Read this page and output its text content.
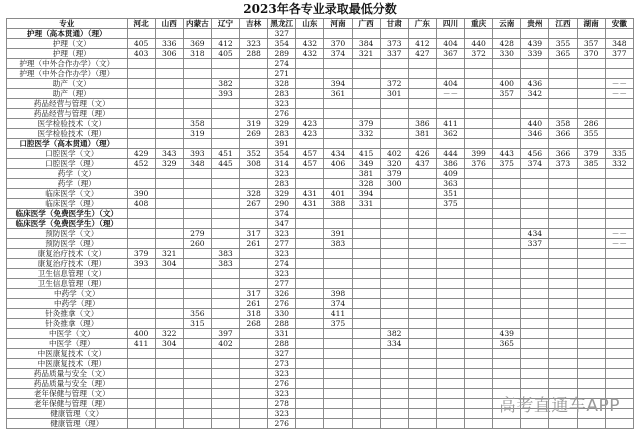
2023年各专业录取最低分数
专业	河北	山西	内蒙古	辽宁	吉林	黑龙江	山东	河南	广西	甘肃	广东	四川	重庆	云南	贵州	江西	湖南	安徽
护理（高本贯通）（理）						327												
护理（文）	405	336	369	412	323	354	432	370	384	373	412	404	440	428	439	355	357	348
护理（理）	403	306	318	405	288	289	432	374	321	337	427	367	372	330	339	365	370	377
护理（中外合作办学）（文）						274												
护理（中外合作办学）（理）						271												
助产（文）				382		328		394		372		404		400	436			－－
助产（理）				393		283		361		301		－－		357	342			－－
药品经营与管理（文）						323												
药品经营与管理（理）						276												
医学检验技术（文）			358		319	329	423		379		386	411			440	358	286	
医学检验技术（理）			319		269	283	423		332		381	362			346	366	355	
口腔医学（高本贯通）（理）						391												
口腔医学（文）	429	343	393	451	352	354	457	434	415	402	426	444	399	443	456	366	379	335
口腔医学（理）	452	329	348	445	308	314	457	406	349	320	437	386	376	375	374	373	385	332
药学（文）						323			381	379		409						
药学（理）						283			328	300		363						
临床医学（文）	390				328	329	431	401	394			351						
临床医学（理）	408				267	290	431	388	331			375						
临床医学（免费医学生）（文）						374												
临床医学（免费医学生）（理）						347												
预防医学（文）			279		317	323		391							434			－－
预防医学（理）			260		261	277		383							337			－－
康复治疗技术（文）	379	321		383		323												
康复治疗技术（理）	393	304		383		274												
卫生信息管理（文）						323												
卫生信息管理（理）						277												
中药学（文）					317	326		398										
中药学（理）					261	276		374										
针灸推拿（文）			356		318	330		411										
针灸推拿（理）			315		268	288		375										
中医学（文）	400	322		397		331				382				439				
中医学（理）	411	304		402		288				334				365				
中医康复技术（文）						327												
中医康复技术（理）						273												
药品质量与安全（文）						323												
药品质量与安全（理）						276												
老年保健与管理（文）						323												
老年保健与管理（理）						278												
健康管理（文）						323												
健康管理（理）						276												
高考直通车APP
